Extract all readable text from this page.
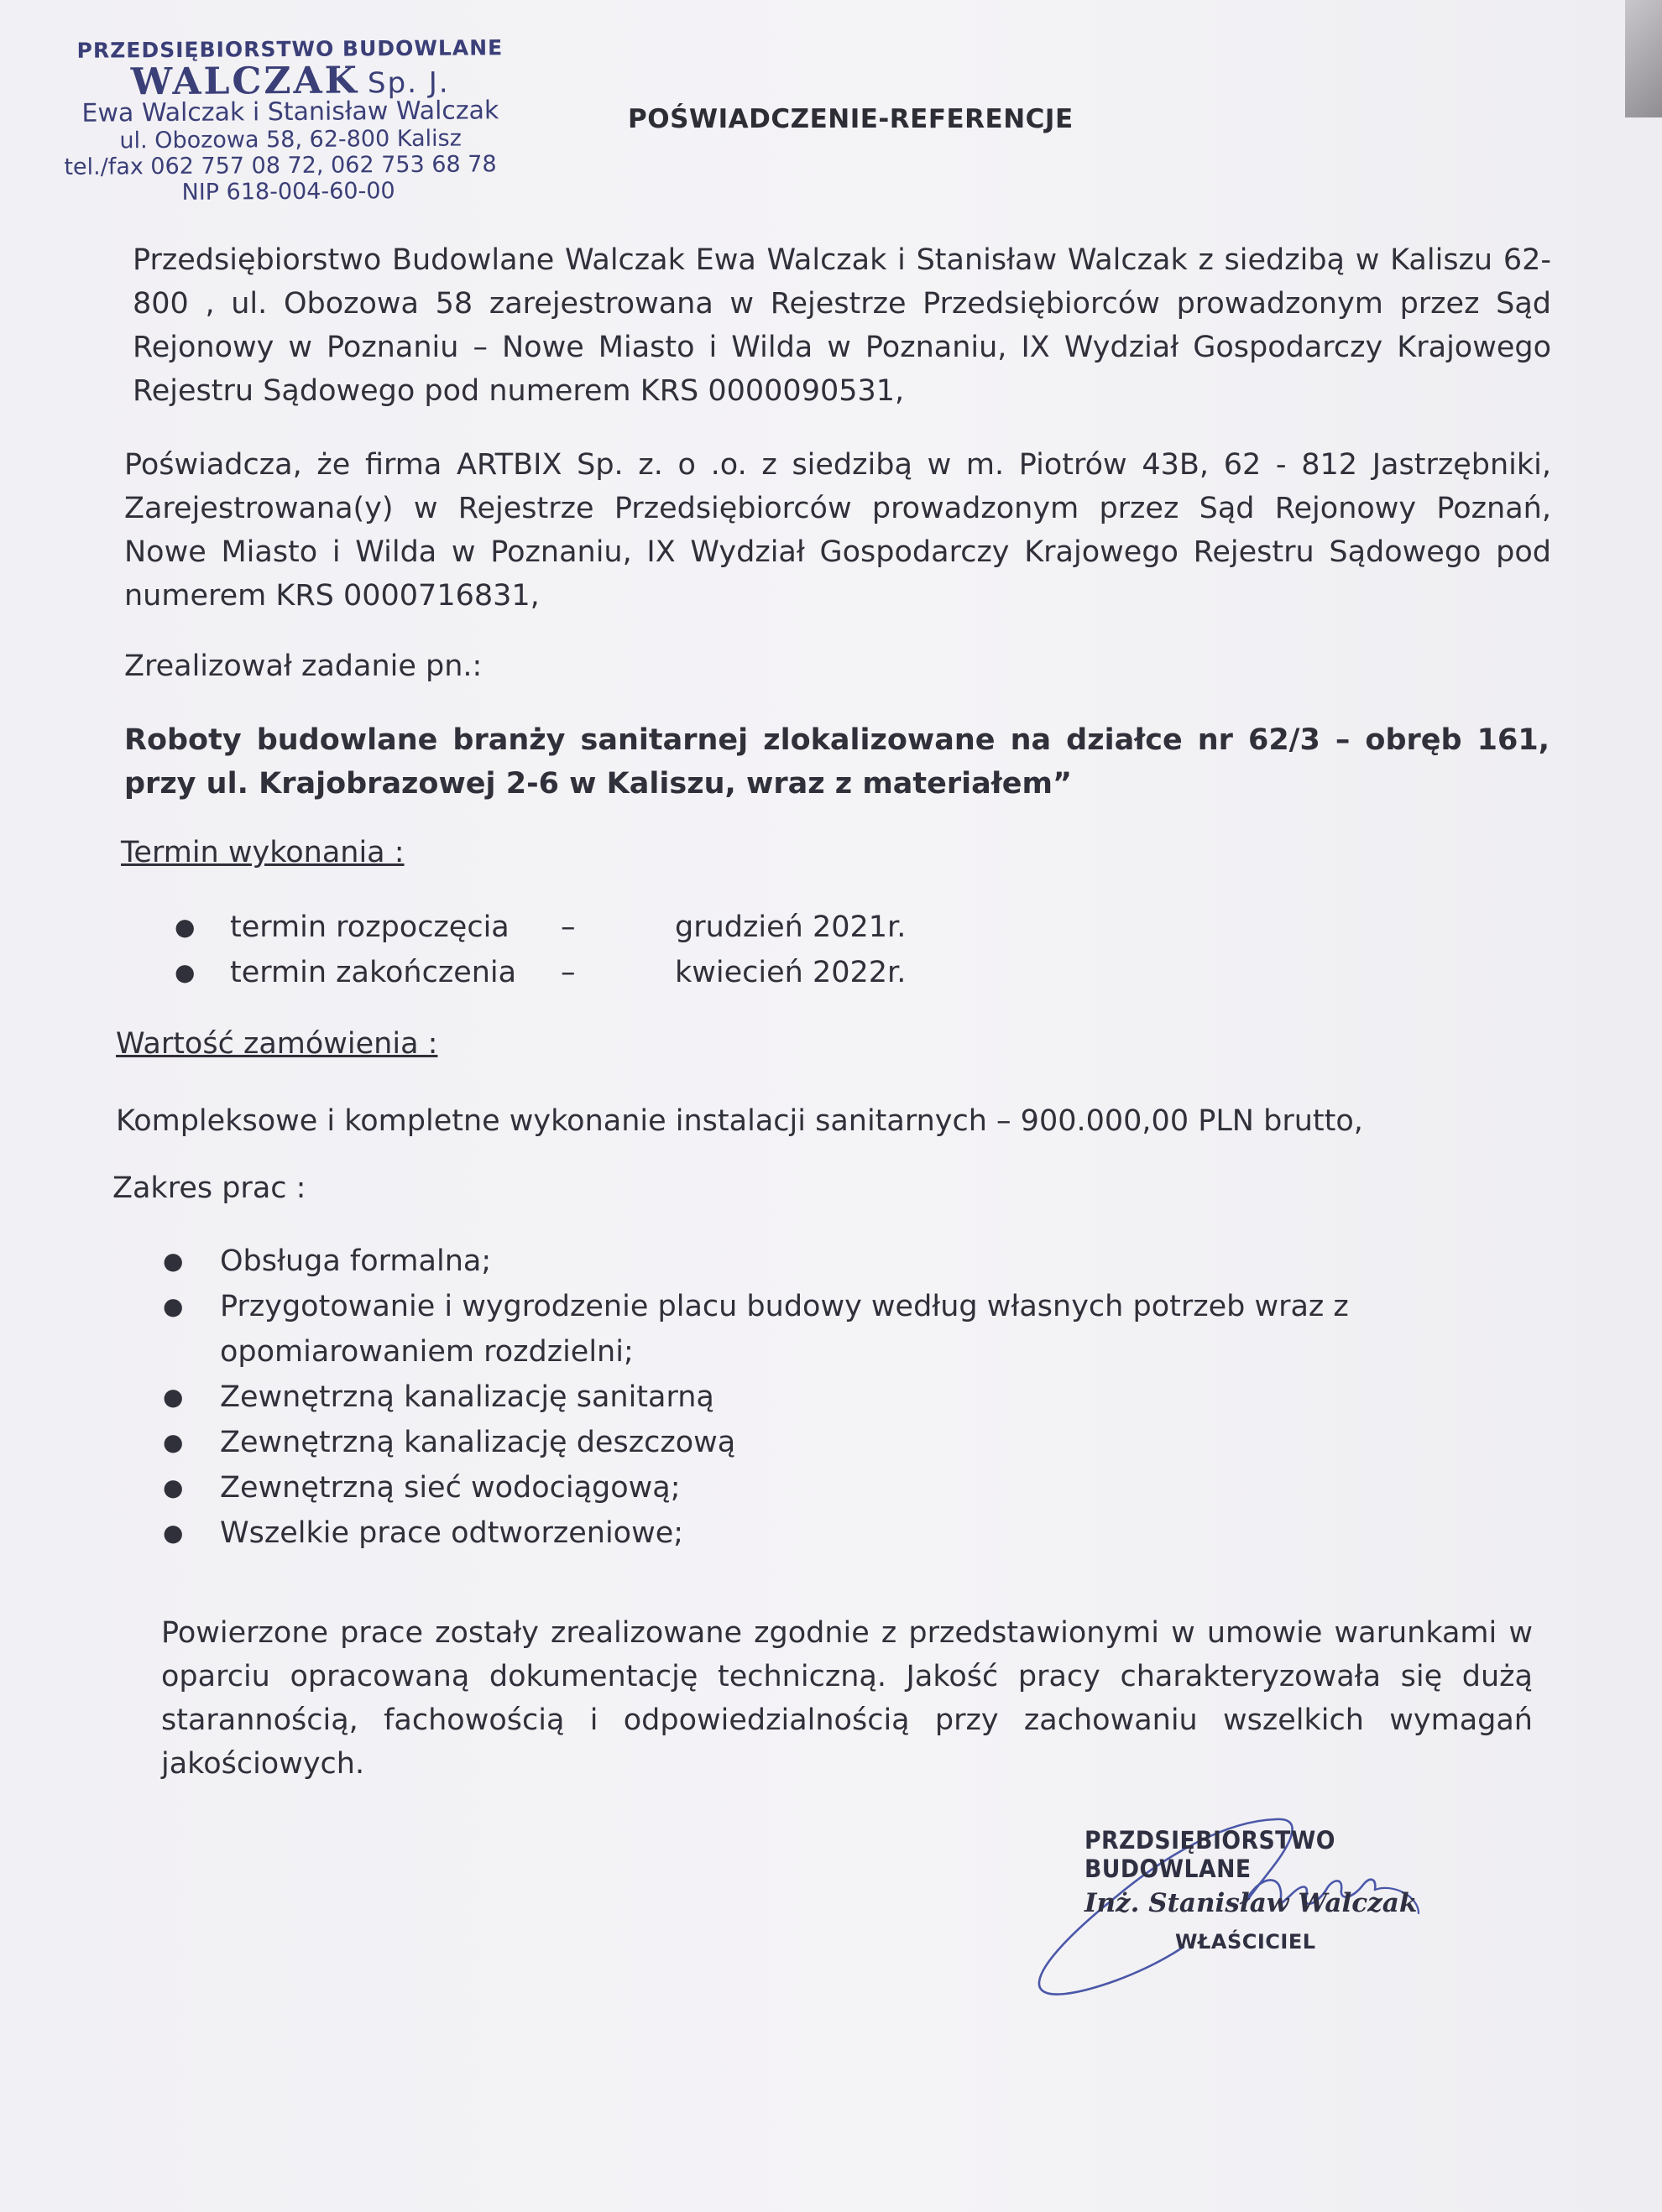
PRZEDSIĘBIORSTWO BUDOWLANE
WALCZAK Sp. J.
Ewa Walczak i Stanisław Walczak
ul. Obozowa 58, 62-800 Kalisz
tel./fax 062 757 08 72, 062 753 68 78
NIP 618-004-60-00
POŚWIADCZENIE-REFERENCJE
Przedsiębiorstwo Budowlane Walczak Ewa Walczak i Stanisław Walczak z siedzibą w Kaliszu 62-800 , ul. Obozowa 58 zarejestrowana w Rejestrze Przedsiębiorców prowadzonym przez Sąd Rejonowy w Poznaniu – Nowe Miasto i Wilda w Poznaniu, IX Wydział Gospodarczy Krajowego Rejestru Sądowego pod numerem KRS 0000090531,
Poświadcza, że firma ARTBIX Sp. z. o .o. z siedzibą w m. Piotrów 43B, 62 - 812 Jastrzębniki, Zarejestrowana(y) w Rejestrze Przedsiębiorców prowadzonym przez Sąd Rejonowy Poznań, Nowe Miasto i Wilda w Poznaniu, IX Wydział Gospodarczy Krajowego Rejestru Sądowego pod numerem KRS 0000716831,
Zrealizował zadanie pn.:
Roboty budowlane branży sanitarnej zlokalizowane na działce nr 62/3 – obręb 161, przy ul. Krajobrazowej 2-6 w Kaliszu, wraz z materiałem”
Termin wykonania :
● termin rozpoczęcia –	grudzień 2021r.
● termin zakończenia –	kwiecień 2022r.
Wartość zamówienia :
Kompleksowe i kompletne wykonanie instalacji sanitarnych – 900.000,00 PLN brutto,
Zakres prac :
● Obsługa formalna;
● Przygotowanie i wygrodzenie placu budowy według własnych potrzeb wraz z opomiarowaniem rozdzielni;
● Zewnętrzną kanalizację sanitarną
● Zewnętrzną kanalizację deszczową
● Zewnętrzną sieć wodociągową;
● Wszelkie prace odtworzeniowe;
Powierzone prace zostały zrealizowane zgodnie z przedstawionymi w umowie warunkami w oparciu opracowaną dokumentację techniczną. Jakość pracy charakteryzowała się dużą starannością, fachowością i odpowiedzialnością przy zachowaniu wszelkich wymagań jakościowych.
PRZDSIĘBIORSTWO BUDOWLANE
Inż. Stanisław Walczak
WŁAŚCICIEL
